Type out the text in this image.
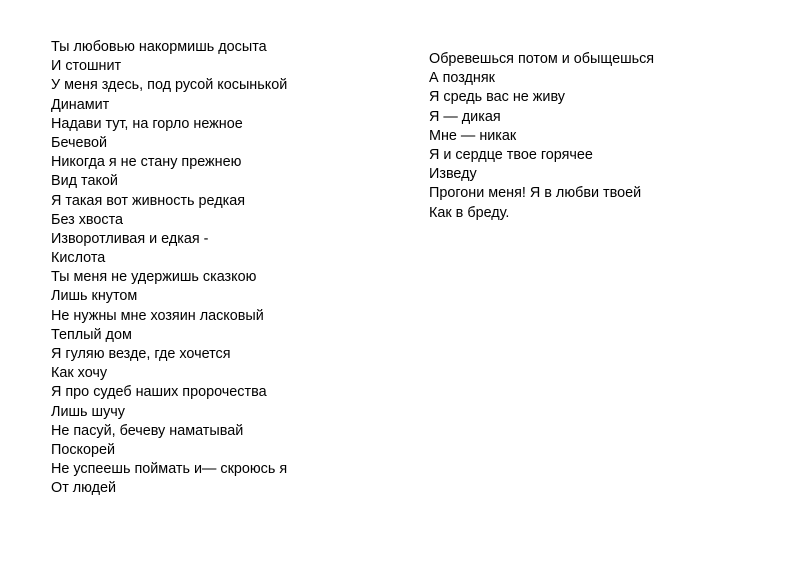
Ты любовью накормишь досыта
И стошнит
У меня здесь, под русой косынькой
Динамит
Надави тут, на горло нежное
Бечевой
Никогда я не стану прежнею
Вид такой
Я такая вот живность редкая
Без хвоста
Изворотливая и едкая -
Кислота
Ты меня не удержишь сказкою
Лишь кнутом
Не нужны мне хозяин ласковый
Теплый дом
Я гуляю везде, где хочется
Как хочу
Я про судеб наших пророчества
Лишь шучу
Не пасуй, бечеву наматывай
Поскорей
Не успеешь поймать и— скроюсь я
От людей
Обревешься потом и обыщешься
А поздняк
Я средь вас не живу
Я — дикая
Мне — никак
Я и сердце твое горячее
Изведу
Прогони меня! Я в любви твоей
Как в бреду.
